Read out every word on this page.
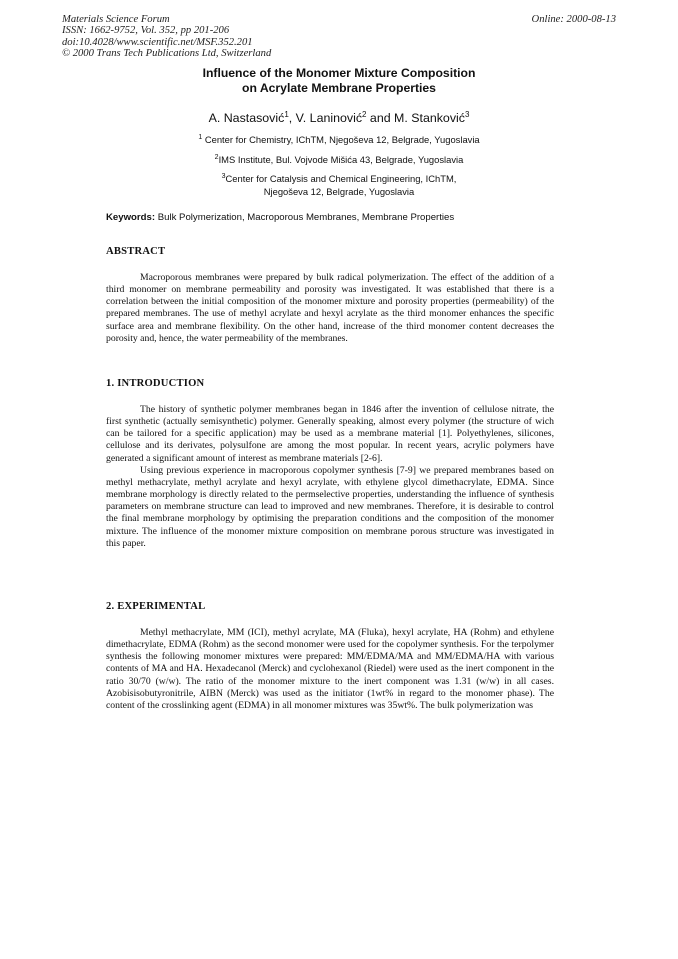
Materials Science Forum
ISSN: 1662-9752, Vol. 352, pp 201-206
doi:10.4028/www.scientific.net/MSF.352.201
© 2000 Trans Tech Publications Ltd, Switzerland
Online: 2000-08-13
Influence of the Monomer Mixture Composition
on Acrylate Membrane Properties
A. Nastasović$^1$, V. Laninović$^2$ and M. Stanković$^3$
$^1$ Center for Chemistry, IChTM, Njegoševa 12, Belgrade, Yugoslavia
$^2$IMS Institute, Bul. Vojvode Mišića 43, Belgrade, Yugoslavia
$^3$Center for Catalysis and Chemical Engineering, IChTM,
Njegoševa 12, Belgrade, Yugoslavia
Keywords: Bulk Polymerization, Macroporous Membranes, Membrane Properties
ABSTRACT

Macroporous membranes were prepared by bulk radical polymerization. The effect of the addition of a third monomer on membrane permeability and porosity was investigated. It was established that there is a correlation between the initial composition of the monomer mixture and porosity properties (permeability) of the prepared membranes. The use of methyl acrylate and hexyl acrylate as the third monomer enhances the specific surface area and membrane flexibility. On the other hand, increase of the third monomer content decreases the porosity and, hence, the water permeability of the membranes.

1. INTRODUCTION

The history of synthetic polymer membranes began in 1846 after the invention of cellulose nitrate, the first synthetic (actually semisynthetic) polymer. Generally speaking, almost every polymer (the structure of wich can be tailored for a specific application) may be used as a membrane material [1]. Polyethylenes, silicones, cellulose and its derivates, polysulfone are among the most popular. In recent years, acrylic polymers have generated a significant amount of interest as membrane materials [2-6].

Using previous experience in macroporous copolymer synthesis [7-9] we prepared membranes based on methyl methacrylate, methyl acrylate and hexyl acrylate, with ethylene glycol dimethacrylate, EDMA. Since membrane morphology is directly related to the permselective properties, understanding the influence of synthesis parameters on membrane structure can lead to improved and new membranes. Therefore, it is desirable to control the final membrane morphology by optimising the preparation conditions and the composition of the monomer mixture. The influence of the monomer mixture composition on membrane porous structure was investigated in this paper.

2. EXPERIMENTAL

Methyl methacrylate, MM (ICI), methyl acrylate, MA (Fluka), hexyl acrylate, HA (Rohm) and ethylene dimethacrylate, EDMA (Rohm) as the second monomer were used for the copolymer synthesis. For the terpolymer synthesis the following monomer mixtures were prepared: MM/EDMA/MA and MM/EDMA/HA with various contents of MA and HA. Hexadecanol (Merck) and cyclohexanol (Riedel) were used as the inert component in the ratio 30/70 (w/w). The ratio of the monomer mixture to the inert component was 1.31 (w/w) in all cases. Azobisisobutyronitrile, AIBN (Merck) was used as the initiator (1wt% in regard to the monomer phase). The content of the crosslinking agent (EDMA) in all monomer mixtures was 35wt%. The bulk polymerization was
